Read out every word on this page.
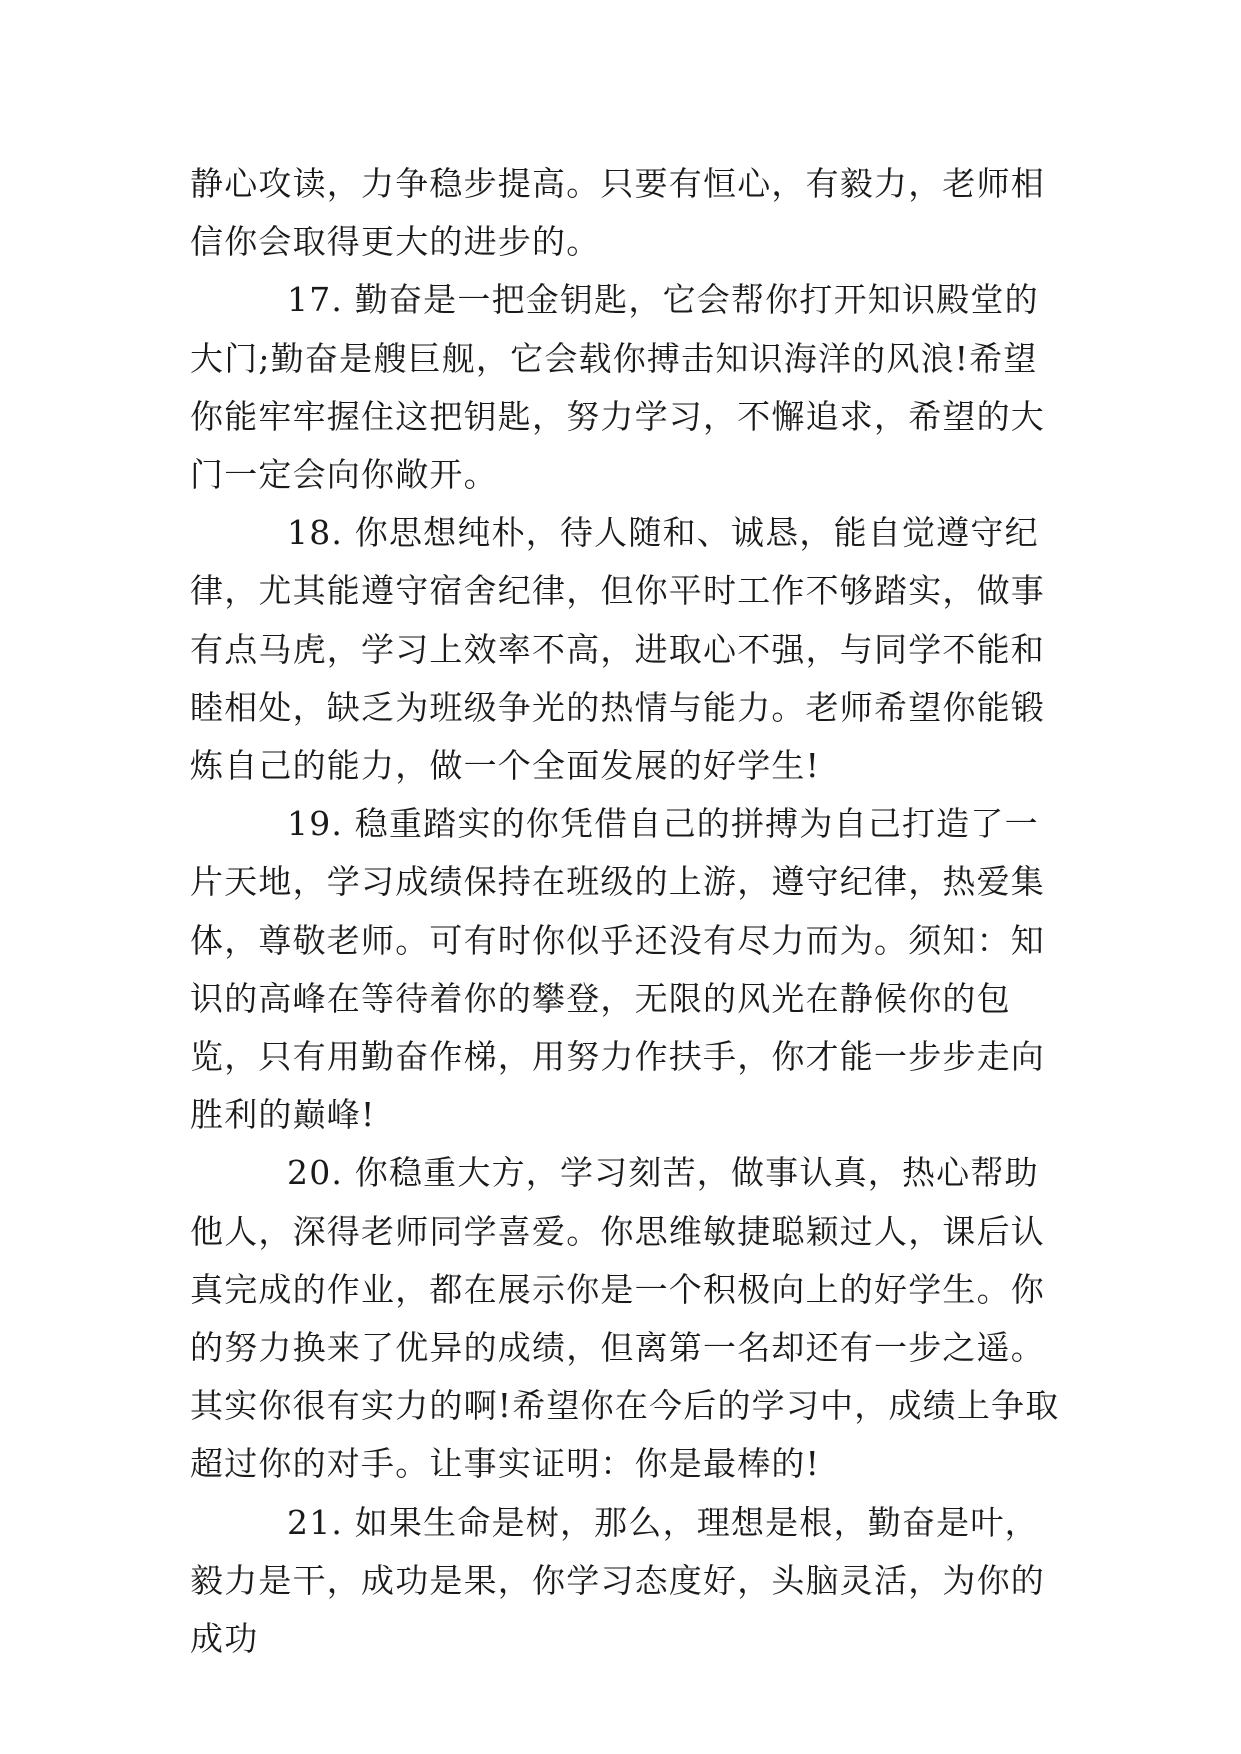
静心攻读，力争稳步提高。只要有恒心，有毅力，老师相信你会取得更大的进步的。

17. 勤奋是一把金钥匙，它会帮你打开知识殿堂的大门;勤奋是艘巨舰，它会载你搏击知识海洋的风浪!希望你能牢牢握住这把钥匙，努力学习，不懈追求，希望的大门一定会向你敞开。

18. 你思想纯朴，待人随和、诚恳，能自觉遵守纪律，尤其能遵守宿舍纪律，但你平时工作不够踏实，做事有点马虎，学习上效率不高，进取心不强，与同学不能和睦相处，缺乏为班级争光的热情与能力。老师希望你能锻炼自己的能力，做一个全面发展的好学生!

19. 稳重踏实的你凭借自己的拼搏为自己打造了一片天地，学习成绩保持在班级的上游，遵守纪律，热爱集体，尊敬老师。可有时你似乎还没有尽力而为。须知：知识的高峰在等待着你的攀登，无限的风光在静候你的包览，只有用勤奋作梯，用努力作扶手，你才能一步步走向胜利的巅峰!

20. 你稳重大方，学习刻苦，做事认真，热心帮助他人，深得老师同学喜爱。你思维敏捷聪颖过人，课后认真完成的作业，都在展示你是一个积极向上的好学生。你的努力换来了优异的成绩，但离第一名却还有一步之遥。其实你很有实力的啊!希望你在今后的学习中，成绩上争取超过你的对手。让事实证明：你是最棒的!

21. 如果生命是树，那么，理想是根，勤奋是叶，毅力是干，成功是果，你学习态度好，头脑灵活，为你的成功
